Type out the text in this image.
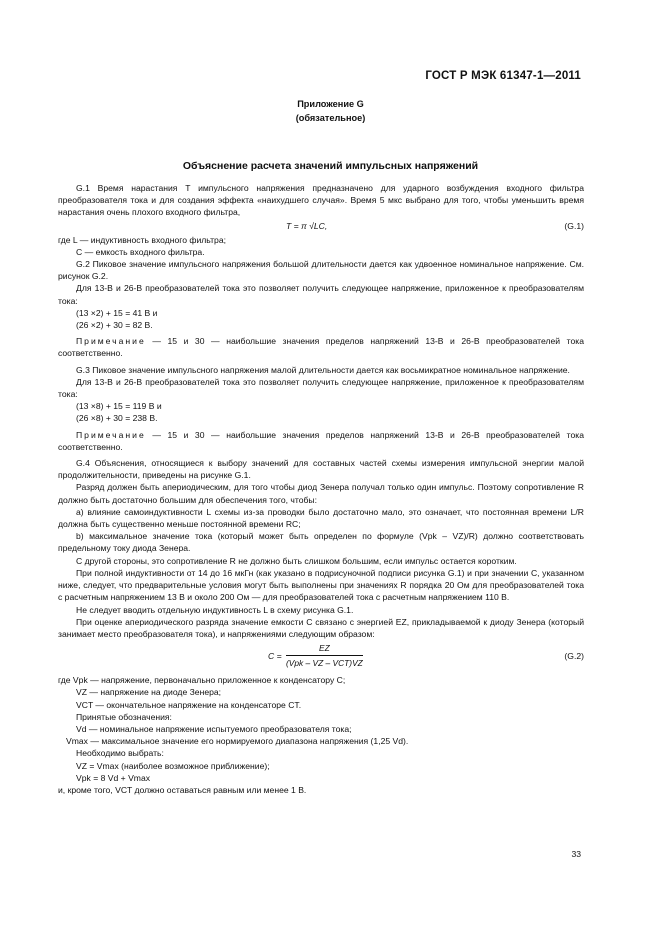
ГОСТ Р МЭК 61347-1—2011
Приложение G
(обязательное)
Объяснение расчета значений импульсных напряжений

G.1 Время нарастания T импульсного напряжения предназначено для ударного возбуждения входного фильтра преобразователя тока и для создания эффекта «наихудшего случая». Время 5 мкс выбрано для того, чтобы уменьшить время нарастания очень плохого входного фильтра,

T = π √LC,	(G.1)

где L — индуктивность входного фильтра;

C — емкость входного фильтра.

G.2 Пиковое значение импульсного напряжения большой длительности дается как удвоенное номинальное напряжение. См. рисунок G.2.

Для 13-В и 26-В преобразователей тока это позволяет получить следующее напряжение, приложенное к преобразователям тока:

(13 ×2) + 15 = 41 В и

(26 ×2) + 30 = 82 В.

Примечание — 15 и 30 — наибольшие значения пределов напряжений 13-В и 26-В преобразователей тока соответственно.

G.3 Пиковое значение импульсного напряжения малой длительности дается как восьмикратное номинальное напряжение.

Для 13-В и 26-В преобразователей тока это позволяет получить следующее напряжение, приложенное к преобразователям тока:

(13 ×8) + 15 = 119 В и

(26 ×8) + 30 = 238 В.

Примечание — 15 и 30 — наибольшие значения пределов напряжений 13-В и 26-В преобразователей тока соответственно.

G.4 Объяснения, относящиеся к выбору значений для составных частей схемы измерения импульсной энергии малой продолжительности, приведены на рисунке G.1.

Разряд должен быть апериодическим, для того чтобы диод Зенера получал только один импульс. Поэтому сопротивление R должно быть достаточно большим для обеспечения того, чтобы:

а) влияние самоиндуктивности L схемы из-за проводки было достаточно мало, это означает, что постоянная времени L/R должна быть существенно меньше постоянной времени RC;

b) максимальное значение тока (который может быть определен по формуле (Vpk – VZ)/R) должно соответствовать предельному току диода Зенера.

С другой стороны, это сопротивление R не должно быть слишком большим, если импульс остается коротким.

При полной индуктивности от 14 до 16 мкГн (как указано в подрисуночной подписи рисунка G.1) и при значении C, указанном ниже, следует, что предварительные условия могут быть выполнены при значениях R порядка 20 Ом для преобразователей тока с расчетным напряжением 13 В и около 200 Ом — для преобразователей тока с расчетным напряжением 110 В.

Не следует вводить отдельную индуктивность L в схему рисунка G.1.

При оценке апериодического разряда значение емкости C связано с энергией EZ, прикладываемой к диоду Зенера (который занимает место преобразователя тока), и напряжениями следующим образом:

C =
EZ
(Vpk – VZ – VCT)VZ
(G.2)

где Vpk — напряжение, первоначально приложенное к конденсатору C;

VZ — напряжение на диоде Зенера;

VCT — окончательное напряжение на конденсаторе CT.

Принятые обозначения:

Vd — номинальное напряжение испытуемого преобразователя тока;

Vmax — максимальное значение его нормируемого диапазона напряжения (1,25 Vd).

Необходимо выбрать:

VZ = Vmax (наиболее возможное приближение);

Vpk = 8 Vd + Vmax

и, кроме того, VCT должно оставаться равным или менее 1 В.

33
